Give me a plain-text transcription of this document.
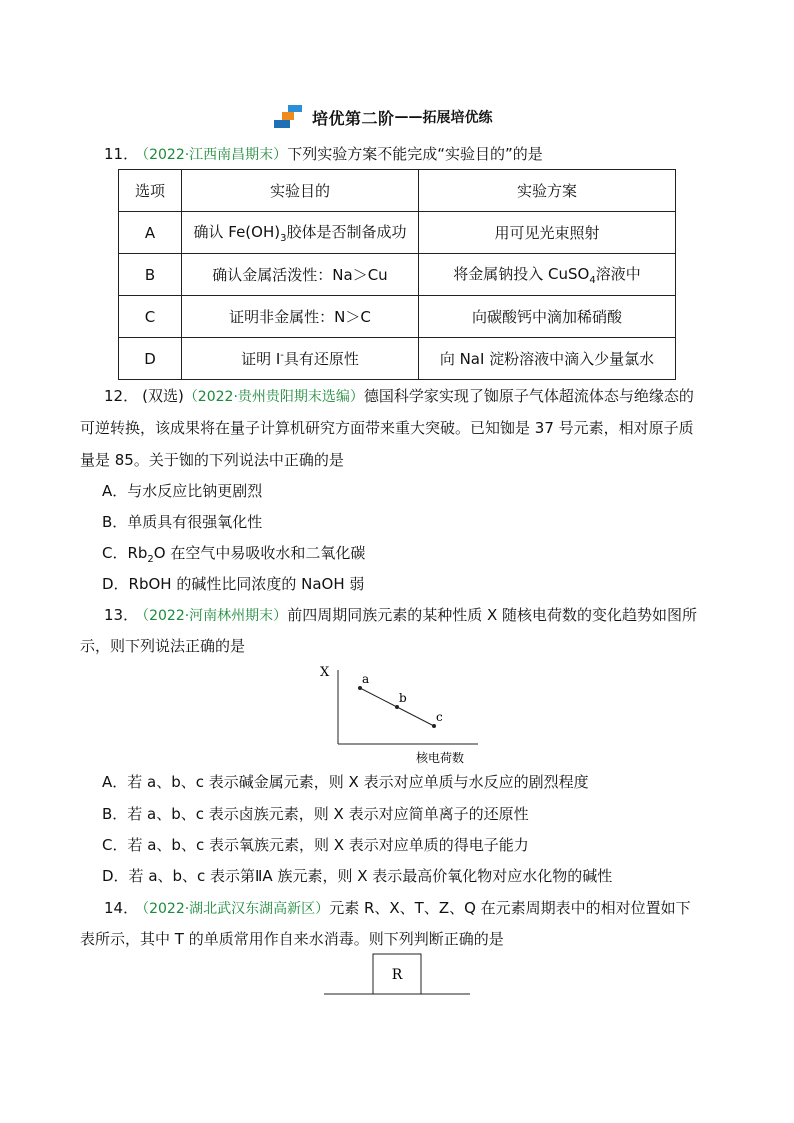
培优第二阶 —— 拓展培优练
11． （2022·江西南昌期末）下列实验方案不能完成“实验目的”的是
选项	实验目的	实验方案
A	确认 $Fe(OH)_3$胶体是否制备成功	用可见光束照射
B	确认金属活泼性：Na＞Cu	将金属钠投入 CuSO$_4$溶液中
C	证明非金属性：N＞C	向碳酸钙中滴加稀硝酸
D	证明 I-具有还原性	向 NaI 淀粉溶液中滴入少量氯水
12． (双选)（2022·贵州贵阳期末选编）德国科学家实现了铷原子气体超流体态与绝缘态的
可逆转换，该成果将在量子计算机研究方面带来重大突破。已知铷是 37 号元素，相对原子质
量是 85。关于铷的下列说法中正确的是
A．与水反应比钠更剧烈
B．单质具有很强氧化性
C．$Rb_2O$ 在空气中易吸收水和二氧化碳
D．RbOH 的碱性比同浓度的 NaOH 弱
13． （2022·河南林州期末）前四周期同族元素的某种性质 X 随核电荷数的变化趋势如图所
示，则下列说法正确的是
X
核电荷数
a
b
c
A．若 a、b、c 表示碱金属元素，则 X 表示对应单质与水反应的剧烈程度
B．若 a、b、c 表示卤族元素，则 X 表示对应简单离子的还原性
C．若 a、b、c 表示氧族元素，则 X 表示对应单质的得电子能力
D．若 a、b、c 表示第ⅡA 族元素，则 X 表示最高价氧化物对应水化物的碱性
14． （2022·湖北武汉东湖高新区）元素 R、X、T、Z、Q 在元素周期表中的相对位置如下
表所示，其中 T 的单质常用作自来水消毒。则下列判断正确的是
R
